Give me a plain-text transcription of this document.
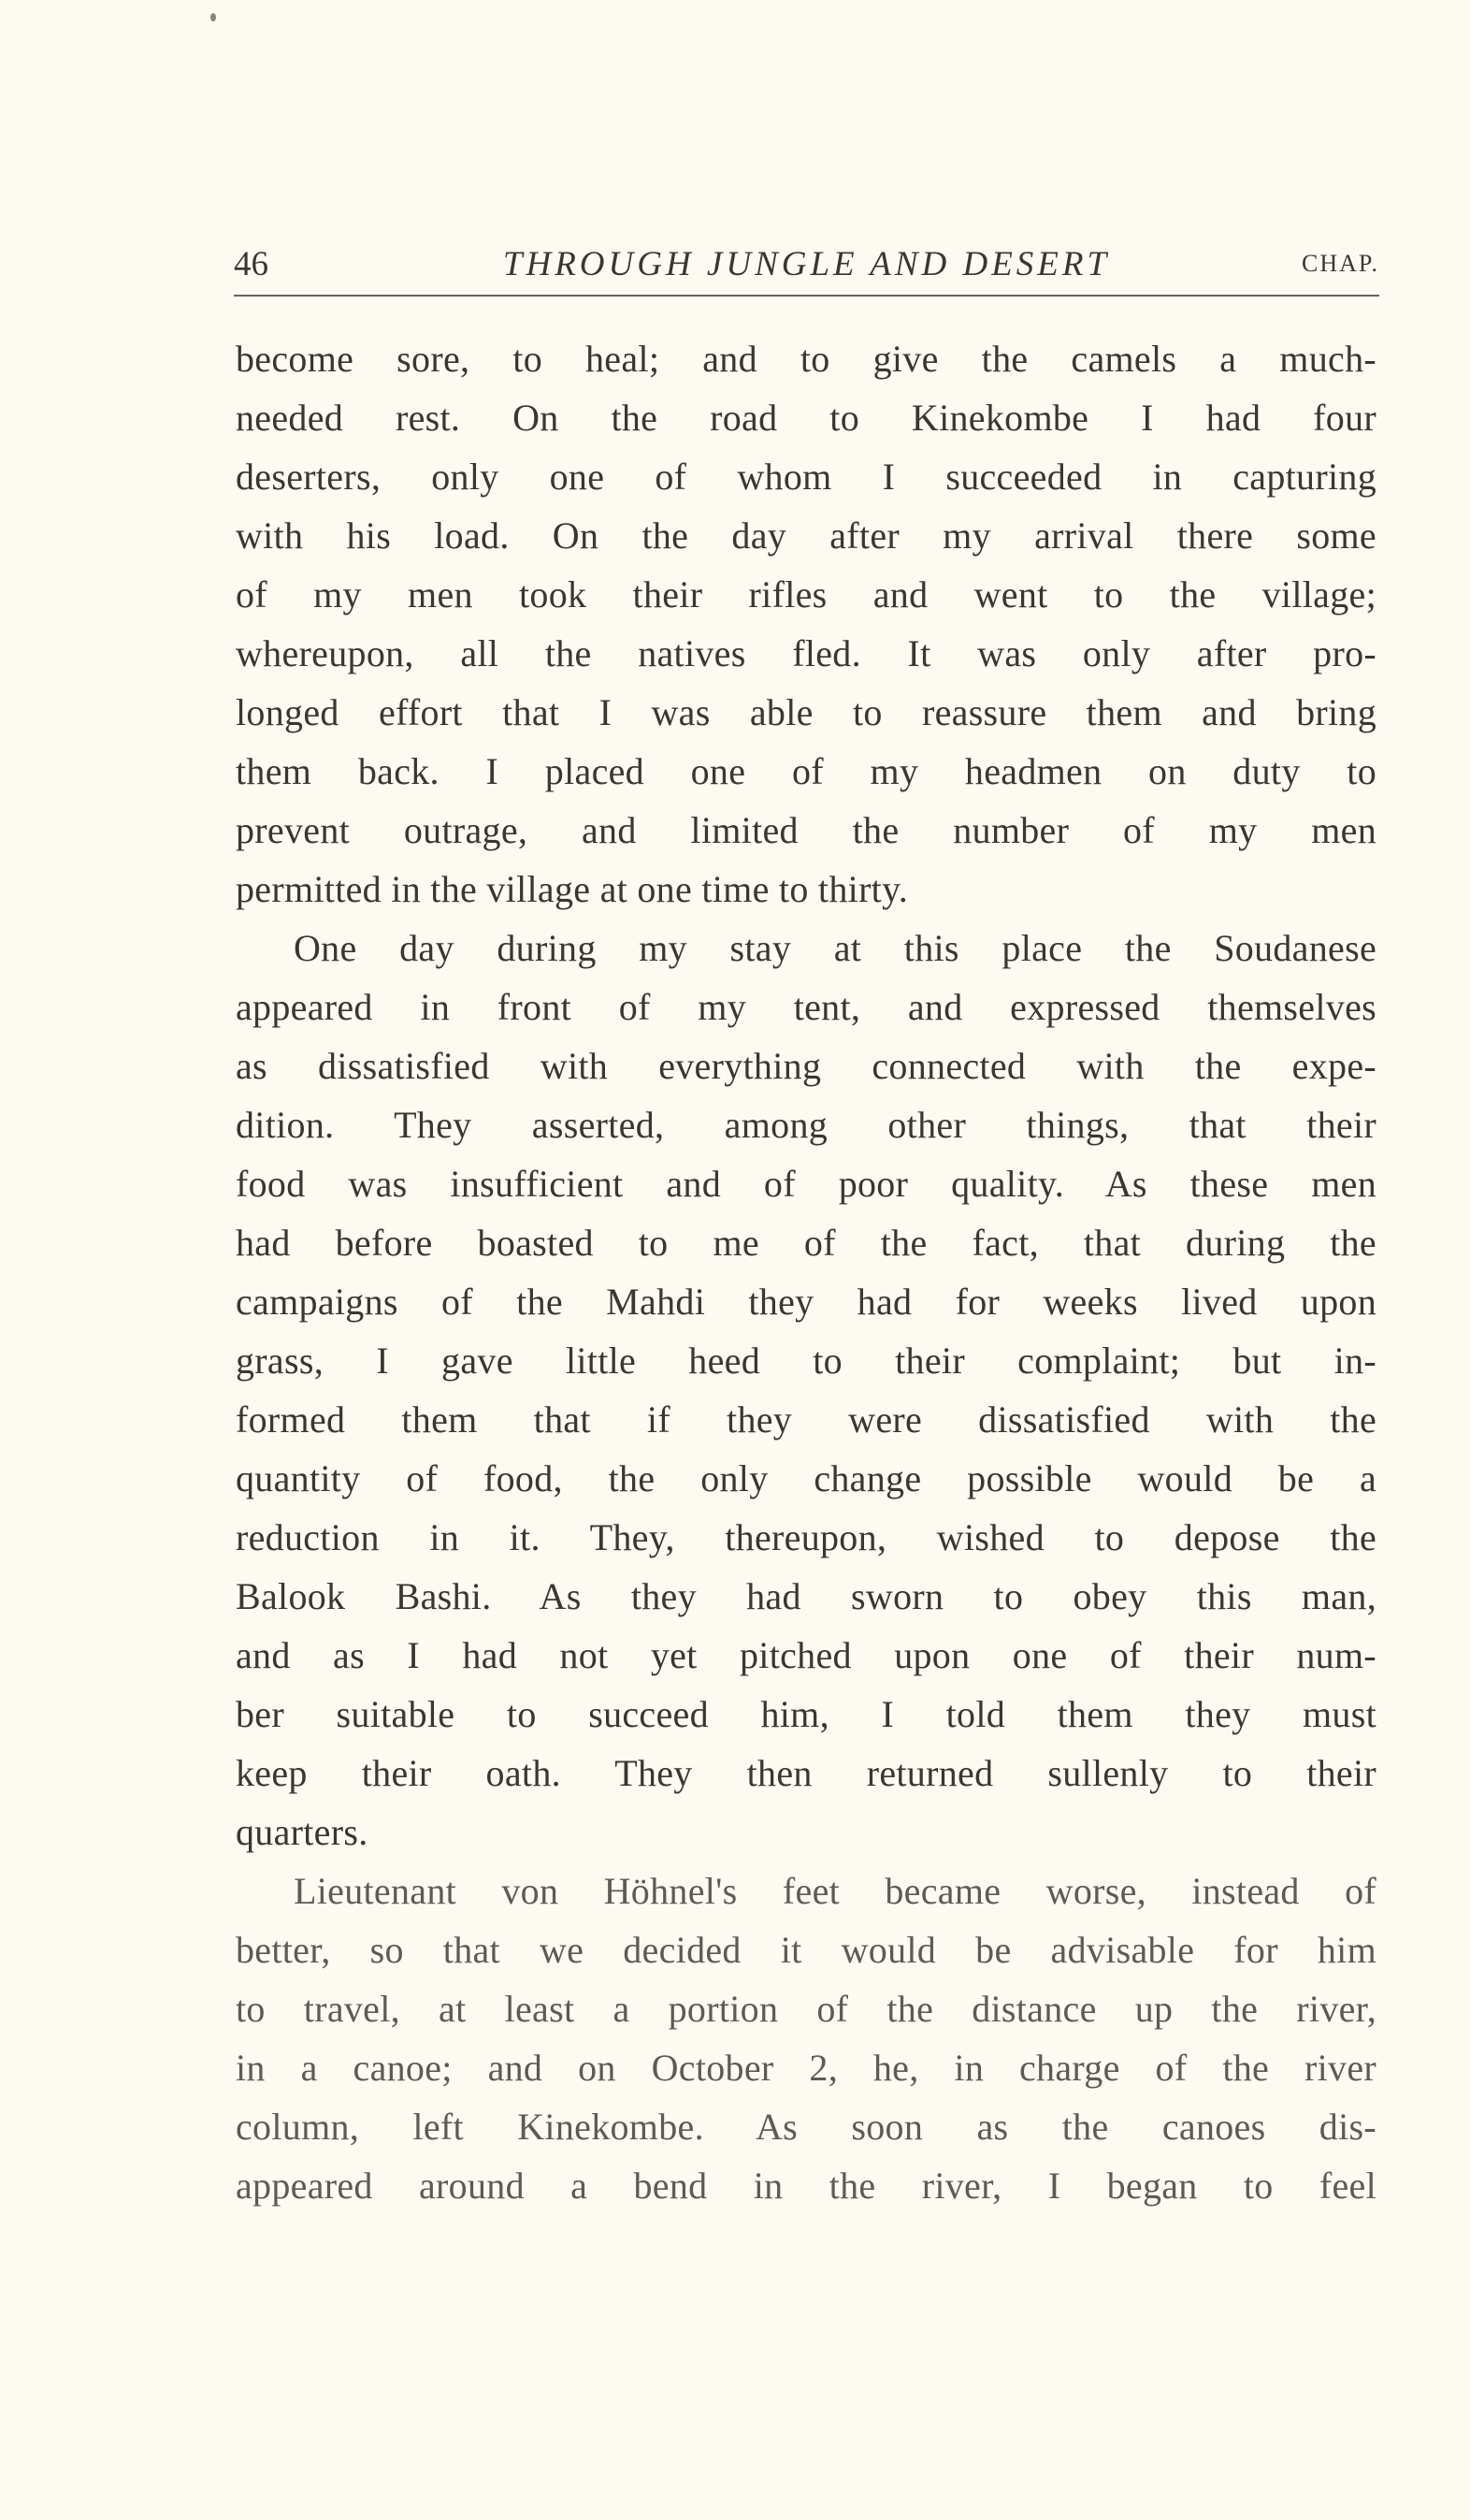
46	THROUGH JUNGLE AND DESERT	CHAP.
become sore, to heal; and to give the camels a much-
needed rest. On the road to Kinekombe I had four
deserters, only one of whom I succeeded in capturing
with his load. On the day after my arrival there some
of my men took their rifles and went to the village;
whereupon, all the natives fled. It was only after pro-
longed effort that I was able to reassure them and bring
them back. I placed one of my headmen on duty to
prevent outrage, and limited the number of my men
permitted in the village at one time to thirty.
One day during my stay at this place the Soudanese
appeared in front of my tent, and expressed themselves
as dissatisfied with everything connected with the expe-
dition. They asserted, among other things, that their
food was insufficient and of poor quality. As these men
had before boasted to me of the fact, that during the
campaigns of the Mahdi they had for weeks lived upon
grass, I gave little heed to their complaint; but in-
formed them that if they were dissatisfied with the
quantity of food, the only change possible would be a
reduction in it. They, thereupon, wished to depose the
Balook Bashi. As they had sworn to obey this man,
and as I had not yet pitched upon one of their num-
ber suitable to succeed him, I told them they must
keep their oath. They then returned sullenly to their
quarters.
Lieutenant von Höhnel's feet became worse, instead of
better, so that we decided it would be advisable for him
to travel, at least a portion of the distance up the river,
in a canoe; and on October 2, he, in charge of the river
column, left Kinekombe. As soon as the canoes dis-
appeared around a bend in the river, I began to feel
